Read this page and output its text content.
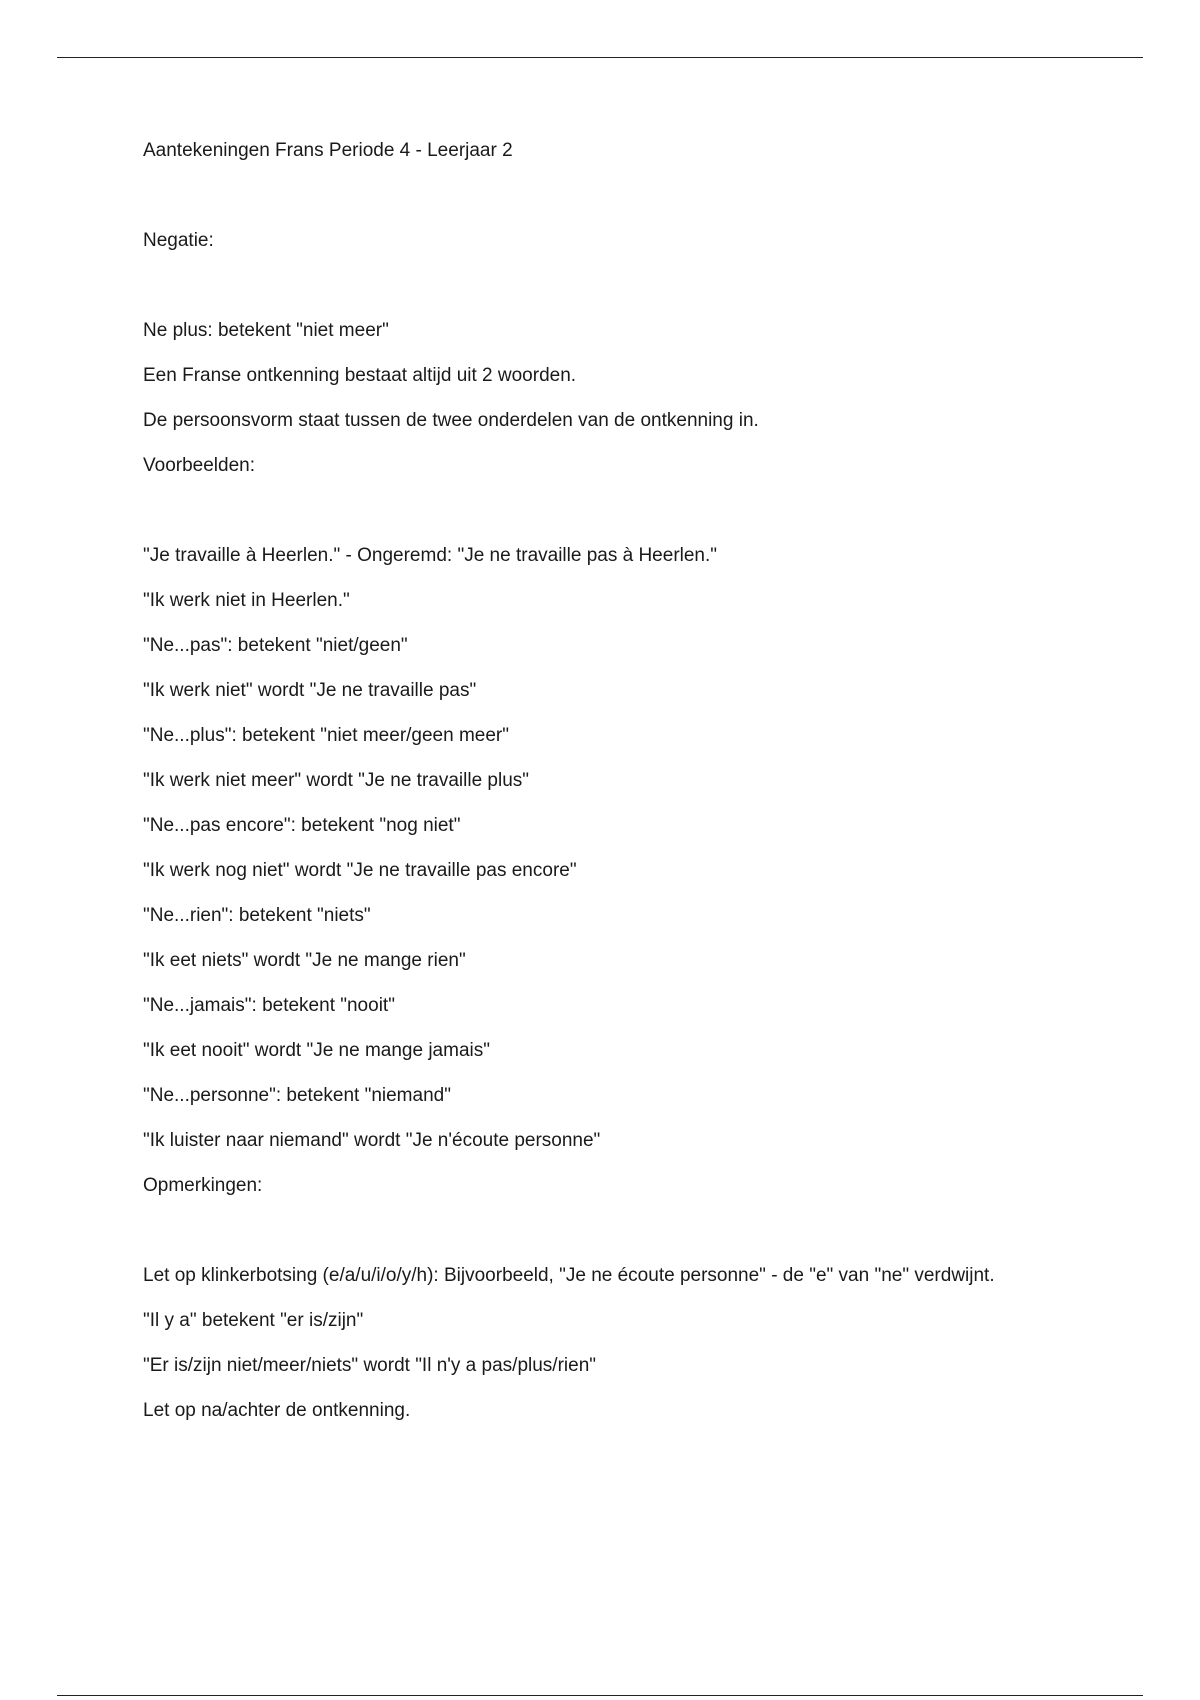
Aantekeningen Frans Periode 4 - Leerjaar 2
Negatie:
Ne plus: betekent "niet meer"
Een Franse ontkenning bestaat altijd uit 2 woorden.
De persoonsvorm staat tussen de twee onderdelen van de ontkenning in.
Voorbeelden:
"Je travaille à Heerlen." - Ongeremd: "Je ne travaille pas à Heerlen."
"Ik werk niet in Heerlen."
"Ne...pas": betekent "niet/geen"
"Ik werk niet" wordt "Je ne travaille pas"
"Ne...plus": betekent "niet meer/geen meer"
"Ik werk niet meer" wordt "Je ne travaille plus"
"Ne...pas encore": betekent "nog niet"
"Ik werk nog niet" wordt "Je ne travaille pas encore"
"Ne...rien": betekent "niets"
"Ik eet niets" wordt "Je ne mange rien"
"Ne...jamais": betekent "nooit"
"Ik eet nooit" wordt "Je ne mange jamais"
"Ne...personne": betekent "niemand"
"Ik luister naar niemand" wordt "Je n'écoute personne"
Opmerkingen:
Let op klinkerbotsing (e/a/u/i/o/y/h): Bijvoorbeeld, "Je ne écoute personne" - de "e" van "ne" verdwijnt.
"Il y a" betekent "er is/zijn"
"Er is/zijn niet/meer/niets" wordt "Il n'y a pas/plus/rien"
Let op na/achter de ontkenning.
